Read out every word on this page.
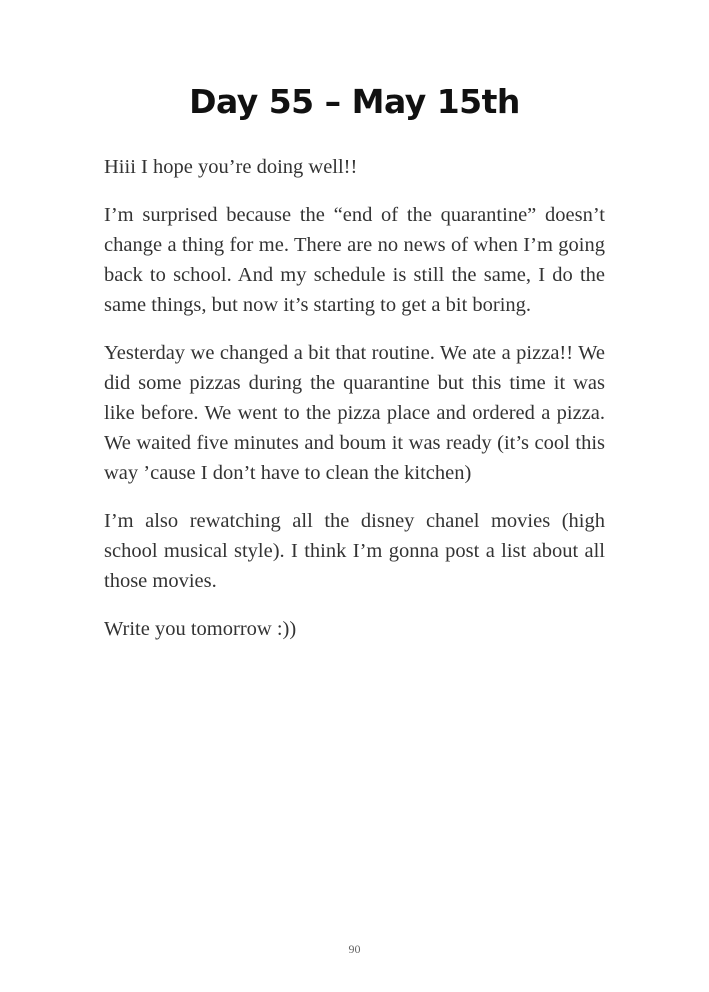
Day 55 – May 15th

Hiii I hope you’re doing well!!

I’m surprised because the “end of the quarantine” doesn’t change a thing for me. There are no news of when I’m going back to school. And my schedule is still the same, I do the same things, but now it’s starting to get a bit boring.

Yesterday we changed a bit that routine. We ate a pizza!! We did some pizzas during the quarantine but this time it was like before. We went to the pizza place and ordered a pizza. We waited five minutes and boum it was ready (it’s cool this way ’cause I don’t have to clean the kitchen)

I’m also rewatching all the disney chanel movies (high school musical style). I think I’m gonna post a list about all those movies.

Write you tomorrow :))

90
